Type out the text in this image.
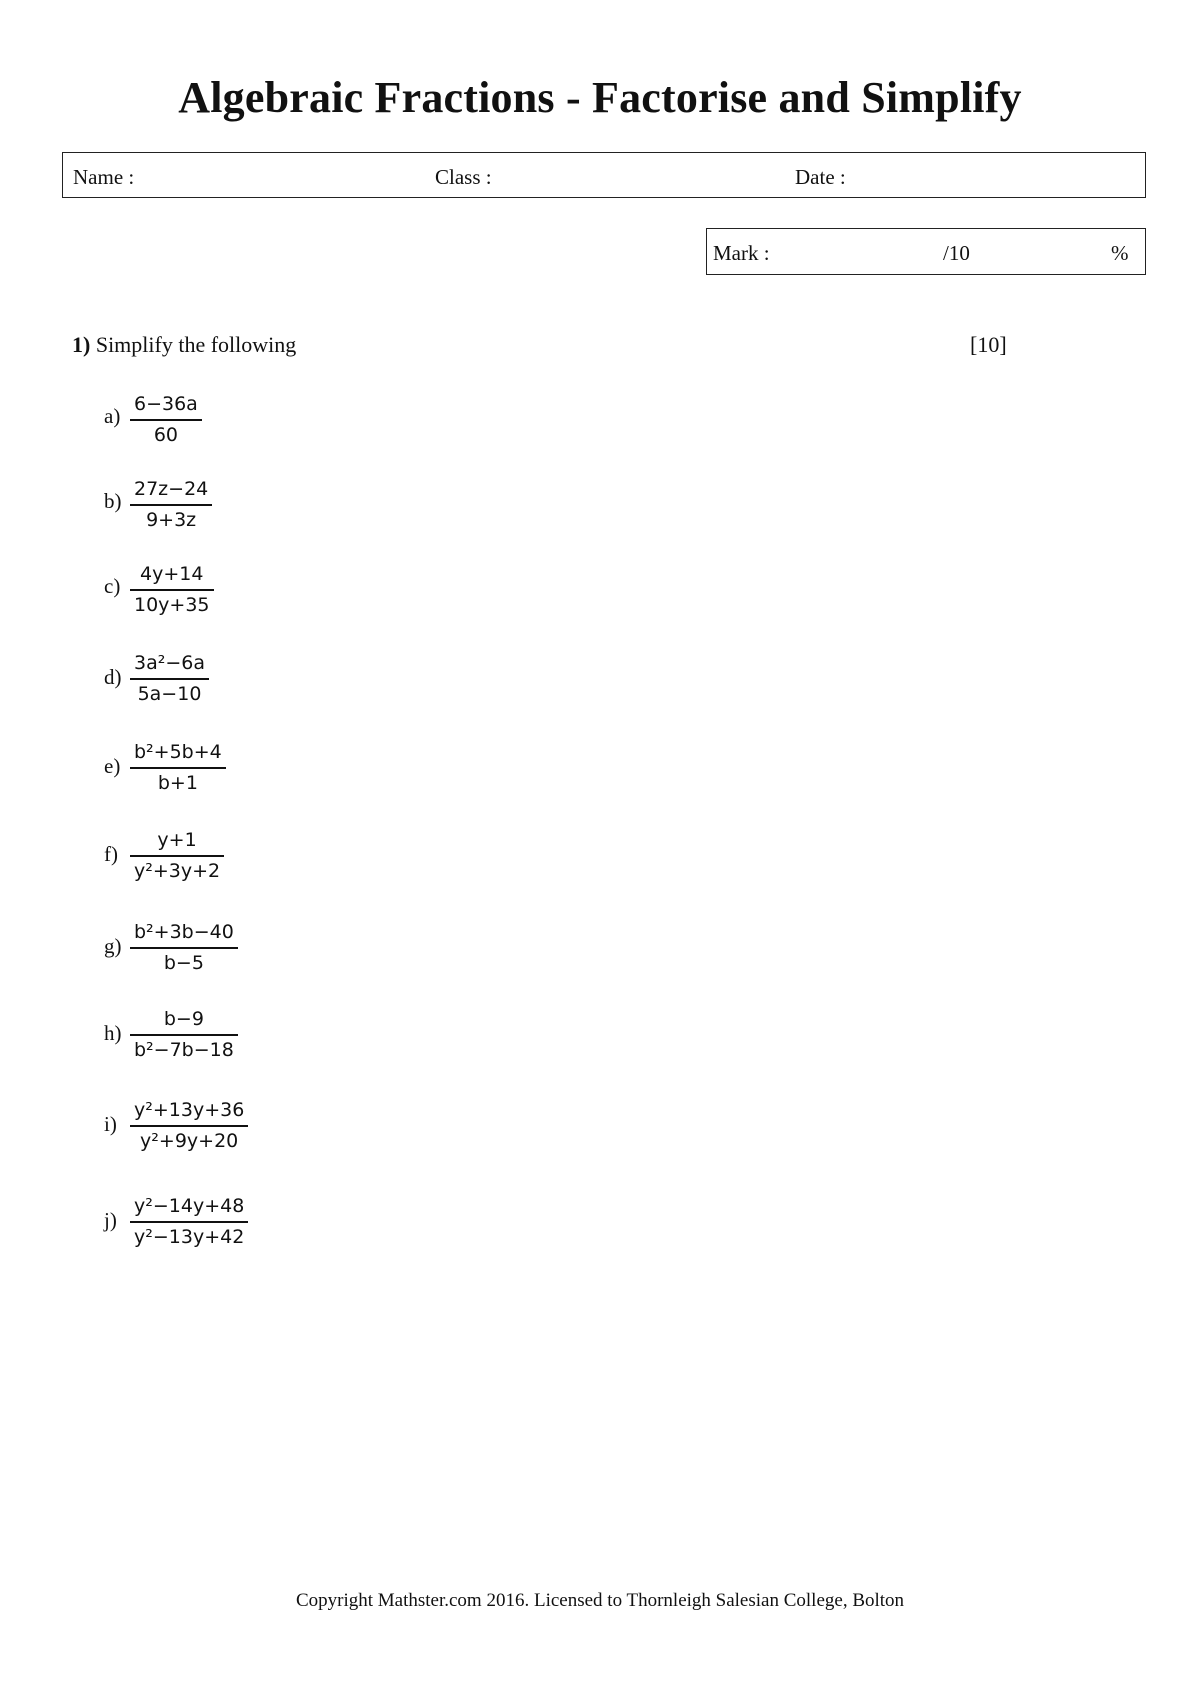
Algebraic Fractions - Factorise and Simplify
Name :	Class :	Date :
Mark :	/10	%
1) Simplify the following	[10]
a) 6−36a
60
b) 27z−24
9+3z
c) 4y+14
10y+35
d)
3a²−6a
5a−10
e)
b²+5b+4
b+1
f)
y+1
y²+3y+2
g)
b²+3b−40
b−5
h)
b−9
b²−7b−18
i)
y²+13y+36
y²+9y+20
j)
y²−14y+48
y²−13y+42
Copyright Mathster.com 2016. Licensed to Thornleigh Salesian College, Bolton
